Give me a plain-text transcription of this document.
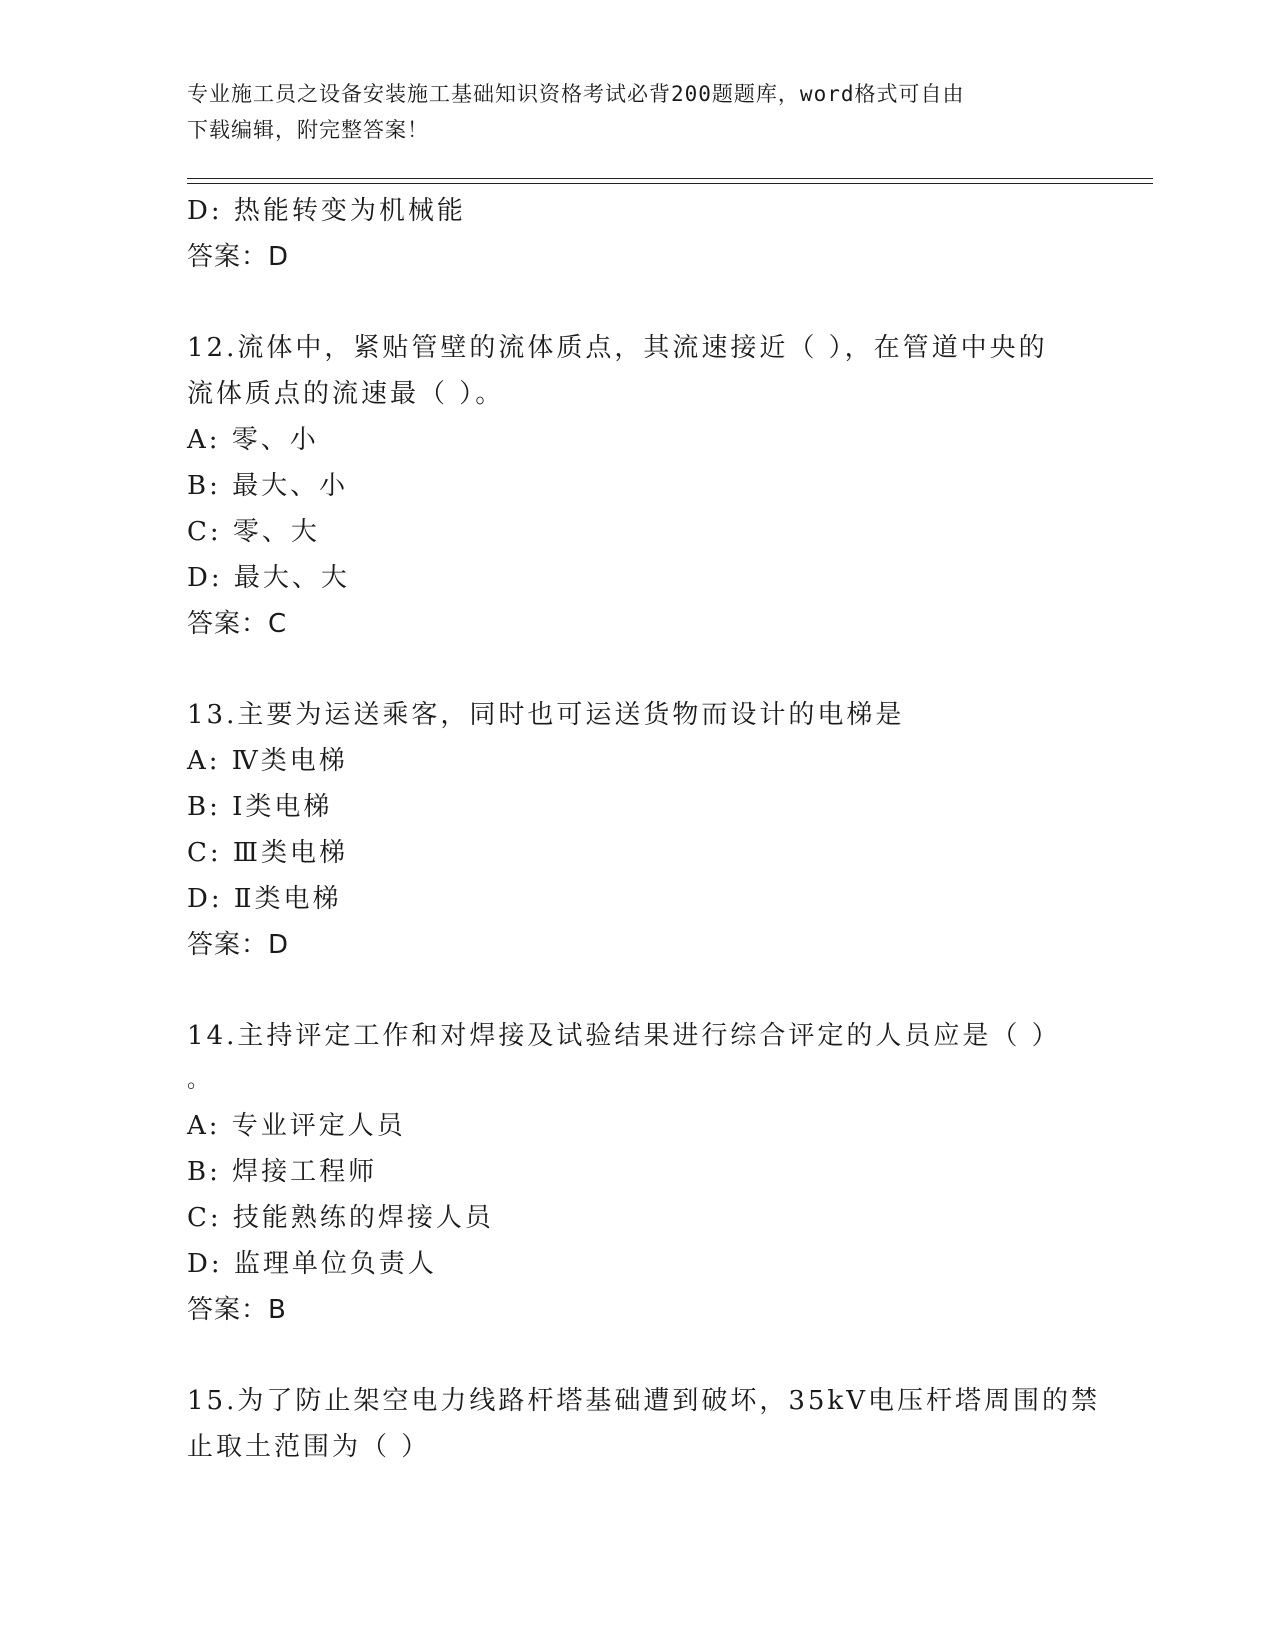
专业施工员之设备安装施工基础知识资格考试必背200题题库，word格式可自由
下载编辑，附完整答案！
D: 热能转变为机械能
答案：D
12.流体中，紧贴管壁的流体质点，其流速接近（ ），在管道中央的
流体质点的流速最（ ）。
A: 零、小
B: 最大、小
C: 零、大
D: 最大、大
答案：C
13.主要为运送乘客，同时也可运送货物而设计的电梯是
A: Ⅳ类电梯
B: Ⅰ类电梯
C: Ⅲ类电梯
D: Ⅱ类电梯
答案：D
14.主持评定工作和对焊接及试验结果进行综合评定的人员应是（ ）
。
A: 专业评定人员
B: 焊接工程师
C: 技能熟练的焊接人员
D: 监理单位负责人
答案：B
15.为了防止架空电力线路杆塔基础遭到破坏，35kV电压杆塔周围的禁
止取土范围为（ ）
